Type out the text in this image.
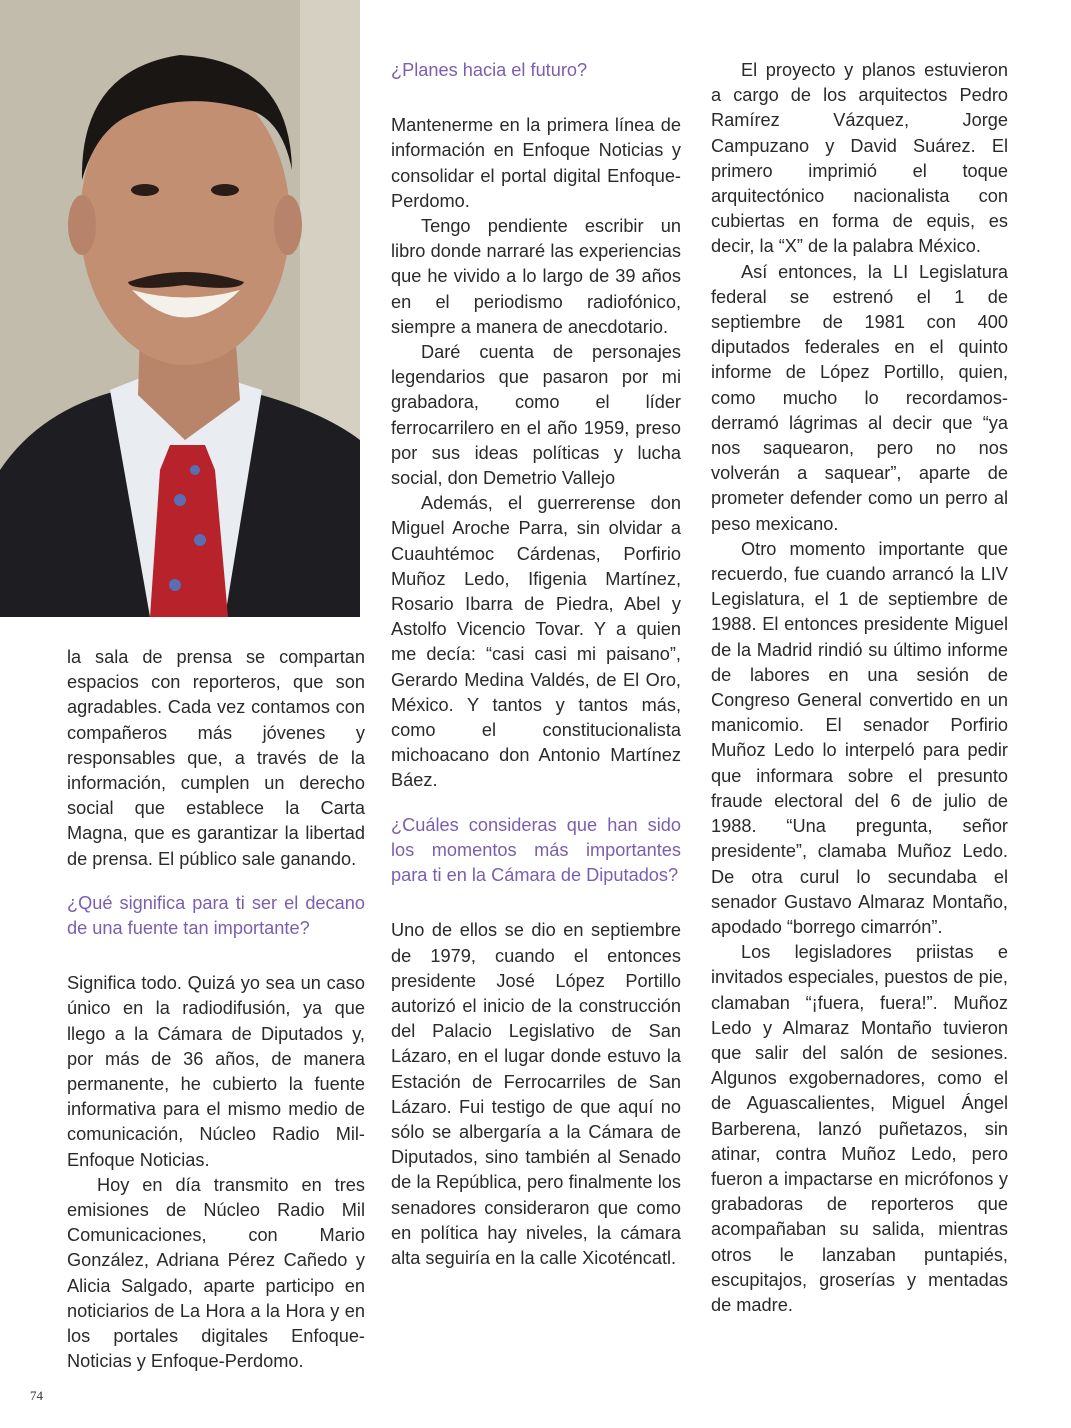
la sala de prensa se compartan espacios con reporteros, que son agradables. Cada vez contamos con compañeros más jóvenes y responsables que, a través de la información, cumplen un derecho social que establece la Carta Magna, que es garantizar la libertad de prensa. El público sale ganando.

¿Qué significa para ti ser el decano de una fuente tan importante?

Significa todo. Quizá yo sea un caso único en la radiodifusión, ya que llego a la Cámara de Diputados y, por más de 36 años, de manera permanente, he cubierto la fuente informativa para el mismo medio de comunicación, Núcleo Radio Mil-Enfoque Noticias.

Hoy en día transmito en tres emisiones de Núcleo Radio Mil Comunicaciones, con Mario González, Adriana Pérez Cañedo y Alicia Salgado, aparte participo en noticiarios de La Hora a la Hora y en los portales digitales Enfoque-Noticias y Enfoque-Perdomo.

¿Planes hacia el futuro?

Mantenerme en la primera línea de información en Enfoque Noticias y consolidar el portal digital Enfoque-Perdomo.

Tengo pendiente escribir un libro donde narraré las experiencias que he vivido a lo largo de 39 años en el periodismo radiofónico, siempre a manera de anecdotario.

Daré cuenta de personajes legendarios que pasaron por mi grabadora, como el líder ferrocarrilero en el año 1959, preso por sus ideas políticas y lucha social, don Demetrio Vallejo

Además, el guerrerense don Miguel Aroche Parra, sin olvidar a Cuauhtémoc Cárdenas, Porfirio Muñoz Ledo, Ifigenia Martínez, Rosario Ibarra de Piedra, Abel y Astolfo Vicencio Tovar. Y a quien me decía: “casi casi mi paisano”, Gerardo Medina Valdés, de El Oro, México. Y tantos y tantos más, como el constitucionalista michoacano don Antonio Martínez Báez.

¿Cuáles consideras que han sido los momentos más importantes para ti en la Cámara de Diputados?

Uno de ellos se dio en septiembre de 1979, cuando el entonces presidente José López Portillo autorizó el inicio de la construcción del Palacio Legislativo de San Lázaro, en el lugar donde estuvo la Estación de Ferrocarriles de San Lázaro. Fui testigo de que aquí no sólo se albergaría a la Cámara de Diputados, sino también al Senado de la República, pero finalmente los senadores consideraron que como en política hay niveles, la cámara alta seguiría en la calle Xicoténcatl.

El proyecto y planos estuvieron a cargo de los arquitectos Pedro Ramírez Vázquez, Jorge Campuzano y David Suárez. El primero imprimió el toque arquitectónico nacionalista con cubiertas en forma de equis, es decir, la “X” de la palabra México.

Así entonces, la LI Legislatura federal se estrenó el 1 de septiembre de 1981 con 400 diputados federales en el quinto informe de López Portillo, quien, como mucho lo recordamos- derramó lágrimas al decir que “ya nos saquearon, pero no nos volverán a saquear”, aparte de prometer defender como un perro al peso mexicano.

Otro momento importante que recuerdo, fue cuando arrancó la LIV Legislatura, el 1 de septiembre de 1988. El entonces presidente Miguel de la Madrid rindió su último informe de labores en una sesión de Congreso General convertido en un manicomio. El senador Porfirio Muñoz Ledo lo interpeló para pedir que informara sobre el presunto fraude electoral del 6 de julio de 1988. “Una pregunta, señor presidente”, clamaba Muñoz Ledo. De otra curul lo secundaba el senador Gustavo Almaraz Montaño, apodado “borrego cimarrón”.

Los legisladores priistas e invitados especiales, puestos de pie, clamaban “¡fuera, fuera!”. Muñoz Ledo y Almaraz Montaño tuvieron que salir del salón de sesiones. Algunos exgobernadores, como el de Aguascalientes, Miguel Ángel Barberena, lanzó puñetazos, sin atinar, contra Muñoz Ledo, pero fueron a impactarse en micrófonos y grabadoras de reporteros que acompañaban su salida, mientras otros le lanzaban puntapiés, escupitajos, groserías y mentadas de madre.

74
